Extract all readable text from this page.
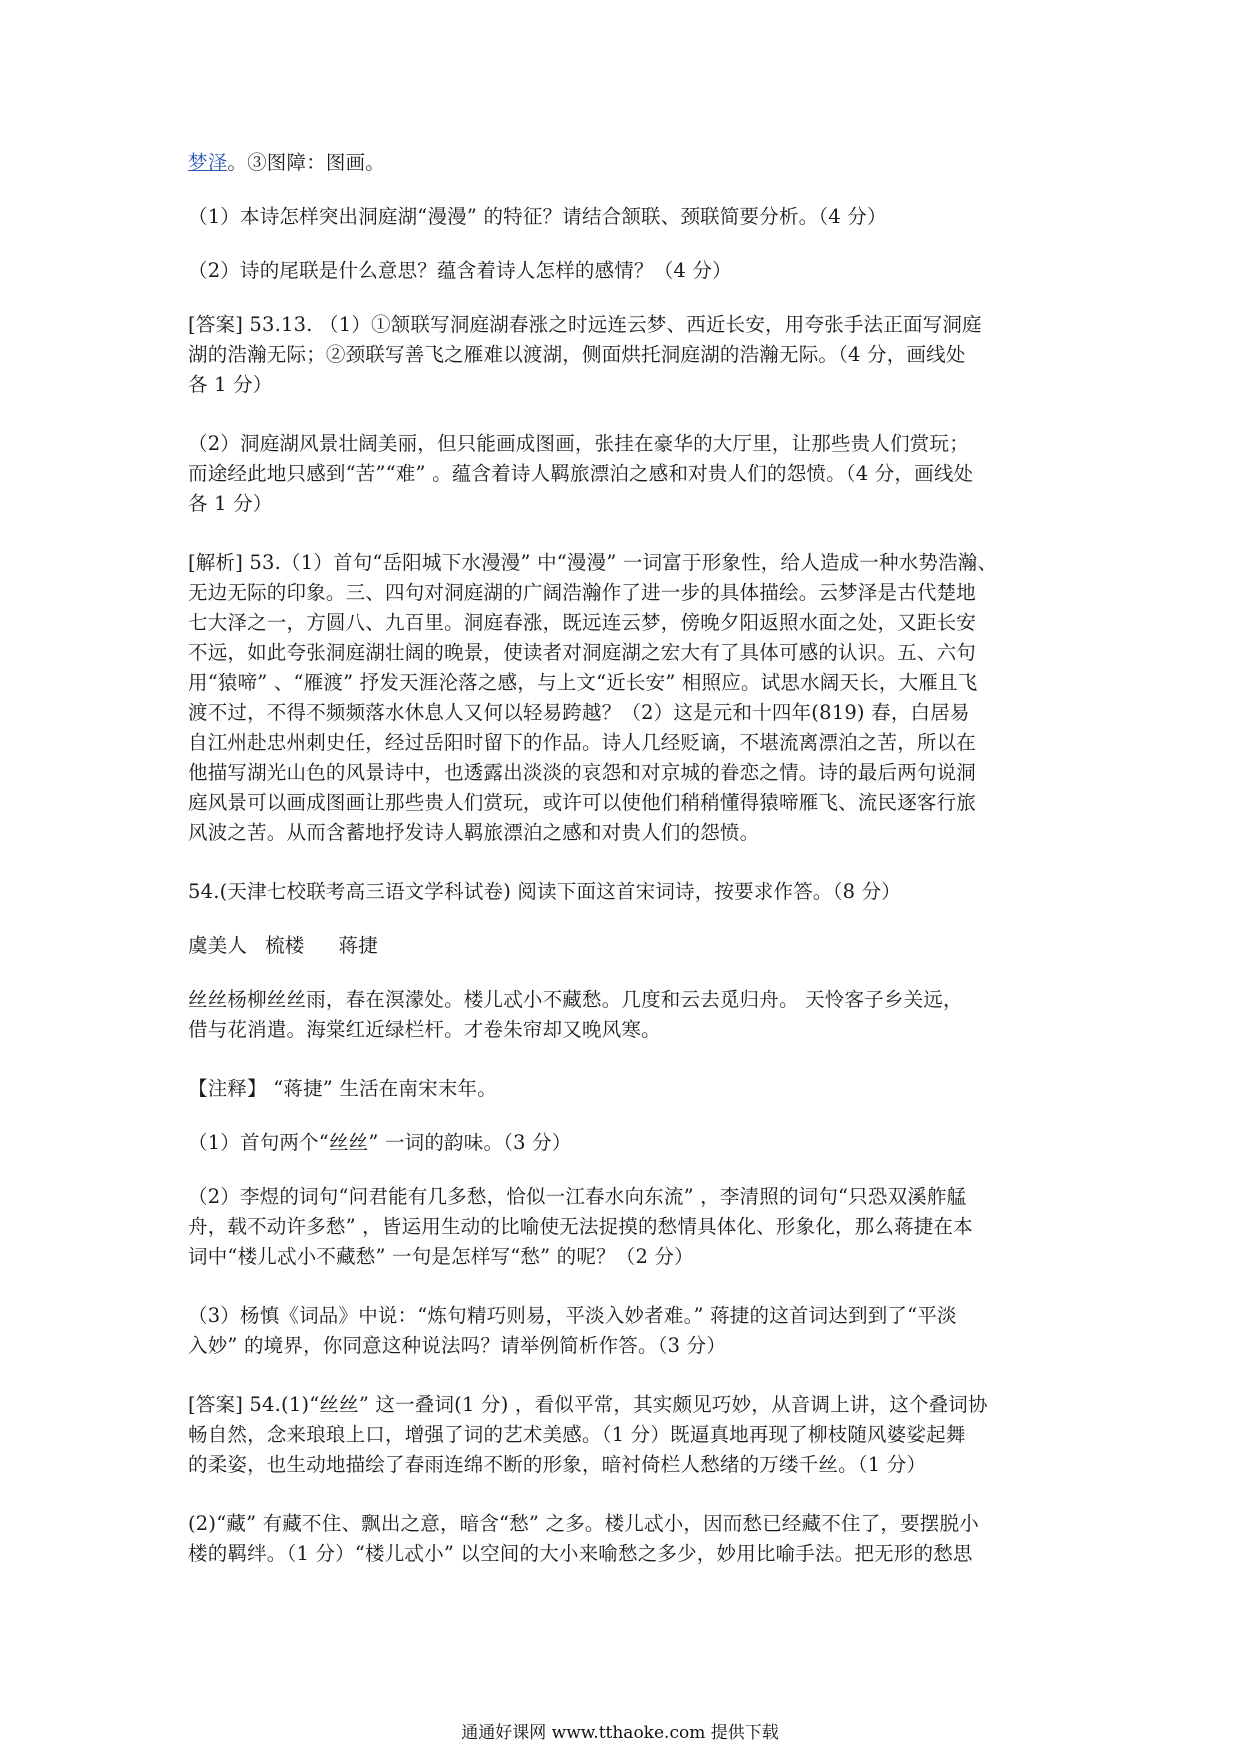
梦泽。③图障：图画。

（1）本诗怎样突出洞庭湖“漫漫” 的特征？请结合颔联、颈联简要分析。（4 分）

（2）诗的尾联是什么意思？蕴含着诗人怎样的感情？（4 分）

[答案] 53.13. （1）①颔联写洞庭湖春涨之时远连云梦、西近长安，用夸张手法正面写洞庭
湖的浩瀚无际；②颈联写善飞之雁难以渡湖，侧面烘托洞庭湖的浩瀚无际。（4 分，画线处
各 1 分）

（2）洞庭湖风景壮阔美丽，但只能画成图画，张挂在豪华的大厅里，让那些贵人们赏玩；
而途经此地只感到“苦”“难” 。蕴含着诗人羁旅漂泊之感和对贵人们的怨愤。（4 分，画线处
各 1 分）

[解析] 53.（1）首句“岳阳城下水漫漫” 中“漫漫” 一词富于形象性，给人造成一种水势浩瀚、
无边无际的印象。三、四句对洞庭湖的广阔浩瀚作了进一步的具体描绘。云梦泽是古代楚地
七大泽之一，方圆八、九百里。洞庭春涨，既远连云梦，傍晚夕阳返照水面之处，又距长安
不远，如此夸张洞庭湖壮阔的晚景，使读者对洞庭湖之宏大有了具体可感的认识。五、六句
用“猿啼” 、“雁渡” 抒发天涯沦落之感，与上文“近长安” 相照应。试思水阔天长，大雁且飞
渡不过，不得不频频落水休息人又何以轻易跨越？（2）这是元和十四年(819) 春，白居易
自江州赴忠州刺史任，经过岳阳时留下的作品。诗人几经贬谪，不堪流离漂泊之苦，所以在
他描写湖光山色的风景诗中，也透露出淡淡的哀怨和对京城的眷恋之情。诗的最后两句说洞
庭风景可以画成图画让那些贵人们赏玩，或许可以使他们稍稍懂得猿啼雁飞、流民逐客行旅
风波之苦。从而含蓄地抒发诗人羁旅漂泊之感和对贵人们的怨愤。

54.(天津七校联考高三语文学科试卷) 阅读下面这首宋词诗，按要求作答。（8 分）

虞美人 梳楼 蒋捷

丝丝杨柳丝丝雨，春在溟濛处。楼儿忒小不藏愁。几度和云去觅归舟。 天怜客子乡关远，
借与花消遣。海棠红近绿栏杆。才卷朱帘却又晚风寒。

【注释】 “蒋捷” 生活在南宋末年。

（1）首句两个“丝丝” 一词的韵味。（3 分）

（2）李煜的词句“问君能有几多愁，恰似一江春水向东流” ，李清照的词句“只恐双溪舴艋
舟，载不动许多愁” ，皆运用生动的比喻使无法捉摸的愁情具体化、形象化，那么蒋捷在本
词中“楼儿忒小不藏愁” 一句是怎样写“愁” 的呢？（2 分）

（3）杨慎《词品》中说：“炼句精巧则易，平淡入妙者难。” 蒋捷的这首词达到到了“平淡
入妙” 的境界，你同意这种说法吗？请举例简析作答。（3 分）

[答案] 54.(1)“丝丝” 这一叠词(1 分) ，看似平常，其实颇见巧妙，从音调上讲，这个叠词协
畅自然，念来琅琅上口，增强了词的艺术美感。（1 分）既逼真地再现了柳枝随风婆娑起舞
的柔姿，也生动地描绘了春雨连绵不断的形象，暗衬倚栏人愁绪的万缕千丝。（1 分）

(2)“藏” 有藏不住、飘出之意，暗含“愁” 之多。楼儿忒小，因而愁已经藏不住了，要摆脱小
楼的羁绊。（1 分）“楼儿忒小” 以空间的大小来喻愁之多少，妙用比喻手法。把无形的愁思

通通好课网 www.tthaoke.com 提供下载
